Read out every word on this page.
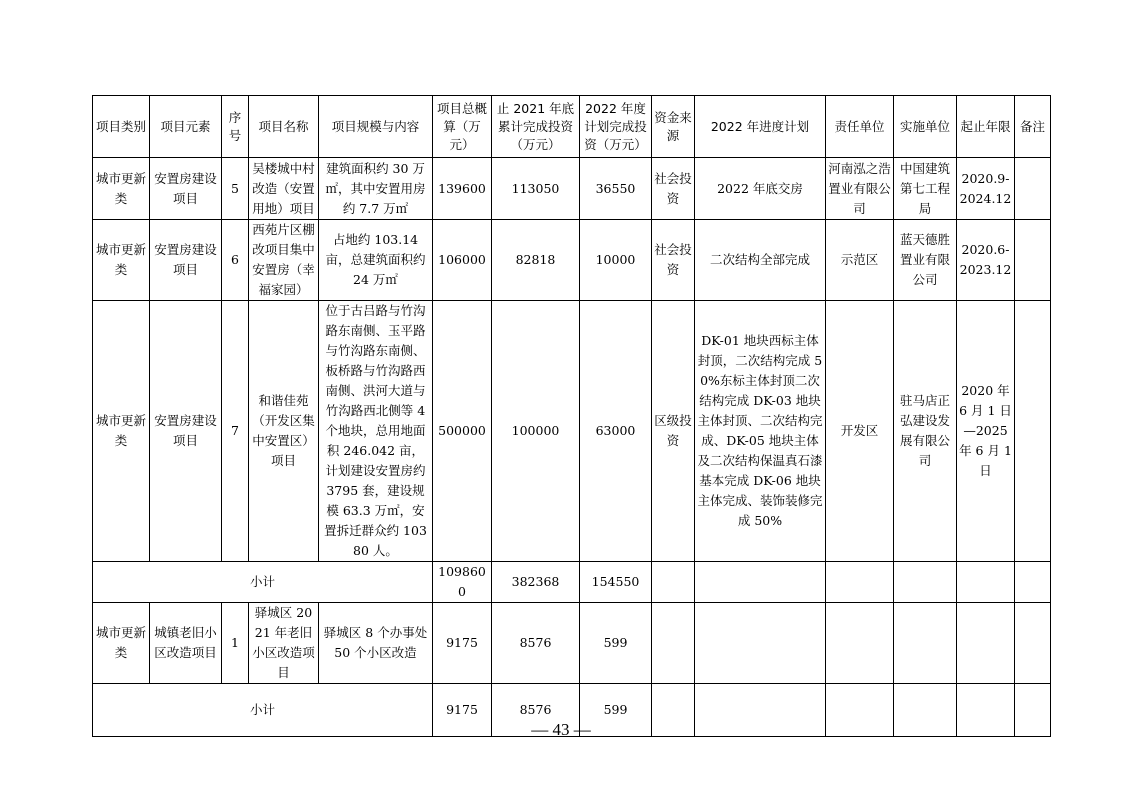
项目类别	项目元素	序号	项目名称	项目规模与内容	项目总概算（万元）	止 2021 年底累计完成投资（万元）	2022 年度计划完成投资（万元）	资金来源	2022 年进度计划	责任单位	实施单位	起止年限	备注
城市更新类	安置房建设项目	5	吴楼城中村改造（安置用地）项目	建筑面积约 30 万㎡，其中安置用房约 7.7 万㎡	139600	113050	36550	社会投资	2022 年底交房	河南泓之浩置业有限公司	中国建筑第七工程局	2020.9-2024.12	
城市更新类	安置房建设项目	6	西苑片区棚改项目集中安置房（幸福家园）	占地约 103.14 亩，总建筑面积约 24 万㎡	106000	82818	10000	社会投资	二次结构全部完成	示范区	蓝天德胜置业有限公司	2020.6-2023.12	
城市更新类	安置房建设项目	7	和谐佳苑（开发区集中安置区）项目	位于古吕路与竹沟路东南侧、玉平路与竹沟路东南侧、板桥路与竹沟路西南侧、洪河大道与竹沟路西北侧等 4 个地块，总用地面积 246.042 亩，计划建设安置房约 3795 套，建设规模 63.3 万㎡，安置拆迁群众约 10380 人。	500000	100000	63000	区级投资	DK-01 地块西标主体封顶，二次结构完成 50%东标主体封顶二次结构完成 DK-03 地块主体封顶、二次结构完成、DK-05 地块主体及二次结构保温真石漆基本完成 DK-06 地块主体完成、装饰装修完成 50%	开发区	驻马店正弘建设发展有限公司	2020 年 6 月 1 日—2025 年 6 月 1 日	
小计					1098600	382368	154550						
城市更新类	城镇老旧小区改造项目	1	驿城区 2021 年老旧小区改造项目	驿城区 8 个办事处 50 个小区改造	9175	8576	599						
小计					9175	8576	599						
— 43 —
